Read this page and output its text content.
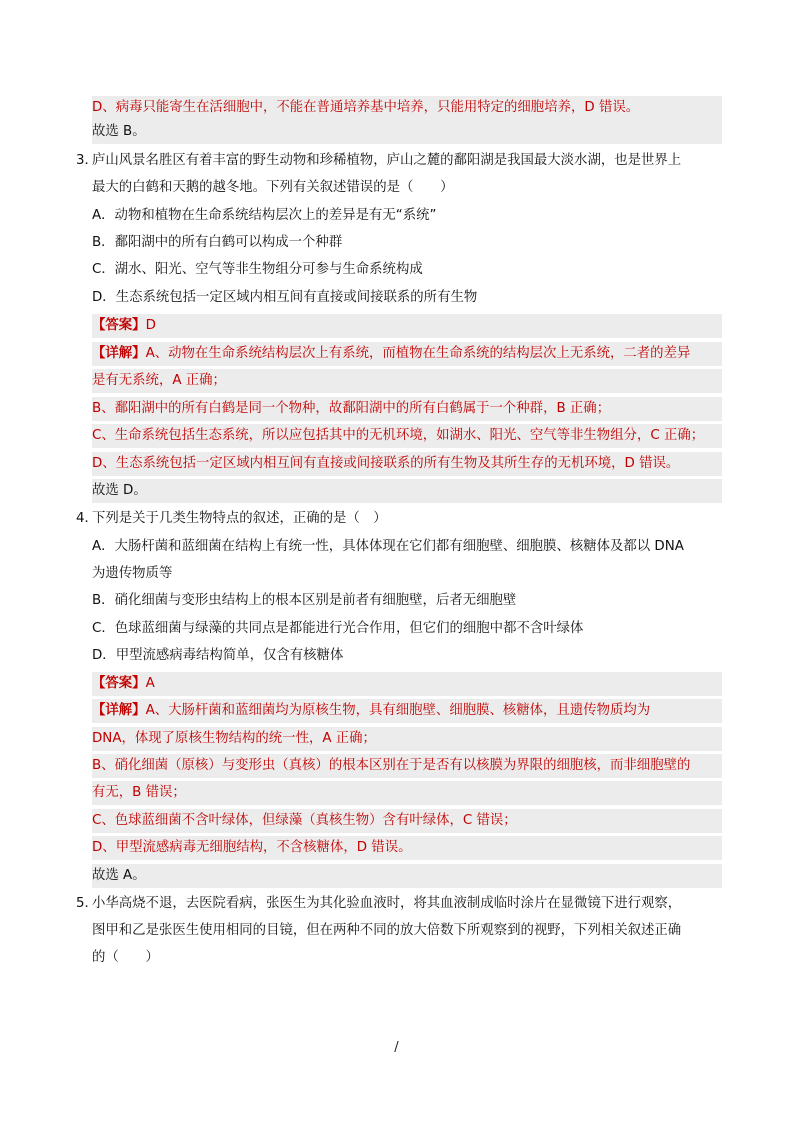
D、病毒只能寄生在活细胞中，不能在普通培养基中培养，只能用特定的细胞培养，D 错误。
故选 B。
3．
庐山风景名胜区有着丰富的野生动物和珍稀植物，庐山之麓的鄱阳湖是我国最大淡水湖，也是世界上
最大的白鹤和天鹅的越冬地。下列有关叙述错误的是（　　）
A．动物和植物在生命系统结构层次上的差异是有无“系统”
B．鄱阳湖中的所有白鹤可以构成一个种群
C．湖水、阳光、空气等非生物组分可参与生命系统构成
D．生态系统包括一定区域内相互间有直接或间接联系的所有生物
【答案】D
【详解】A、动物在生命系统结构层次上有系统，而植物在生命系统的结构层次上无系统，二者的差异
是有无系统，A 正确；
B、鄱阳湖中的所有白鹤是同一个物种，故鄱阳湖中的所有白鹤属于一个种群，B 正确；
C、生命系统包括生态系统，所以应包括其中的无机环境，如湖水、阳光、空气等非生物组分，C 正确；
D、生态系统包括一定区域内相互间有直接或间接联系的所有生物及其所生存的无机环境，D 错误。
故选 D。
4．
下列是关于几类生物特点的叙述，正确的是（　）
A．大肠杆菌和蓝细菌在结构上有统一性，具体体现在它们都有细胞壁、细胞膜、核糖体及都以 DNA
为遗传物质等
B．硝化细菌与变形虫结构上的根本区别是前者有细胞壁，后者无细胞壁
C．色球蓝细菌与绿藻的共同点是都能进行光合作用，但它们的细胞中都不含叶绿体
D．甲型流感病毒结构简单，仅含有核糖体
【答案】A
【详解】A、大肠杆菌和蓝细菌均为原核生物，具有细胞壁、细胞膜、核糖体，且遗传物质均为
DNA，体现了原核生物结构的统一性，A 正确；
B、硝化细菌（原核）与变形虫（真核）的根本区别在于是否有以核膜为界限的细胞核，而非细胞壁的
有无，B 错误；
C、色球蓝细菌不含叶绿体，但绿藻（真核生物）含有叶绿体，C 错误；
D、甲型流感病毒无细胞结构，不含核糖体，D 错误。
故选 A。
5．
小华高烧不退，去医院看病，张医生为其化验血液时，将其血液制成临时涂片在显微镜下进行观察，
图甲和乙是张医生使用相同的目镜，但在两种不同的放大倍数下所观察到的视野，下列相关叙述正确
的（　　）
/
